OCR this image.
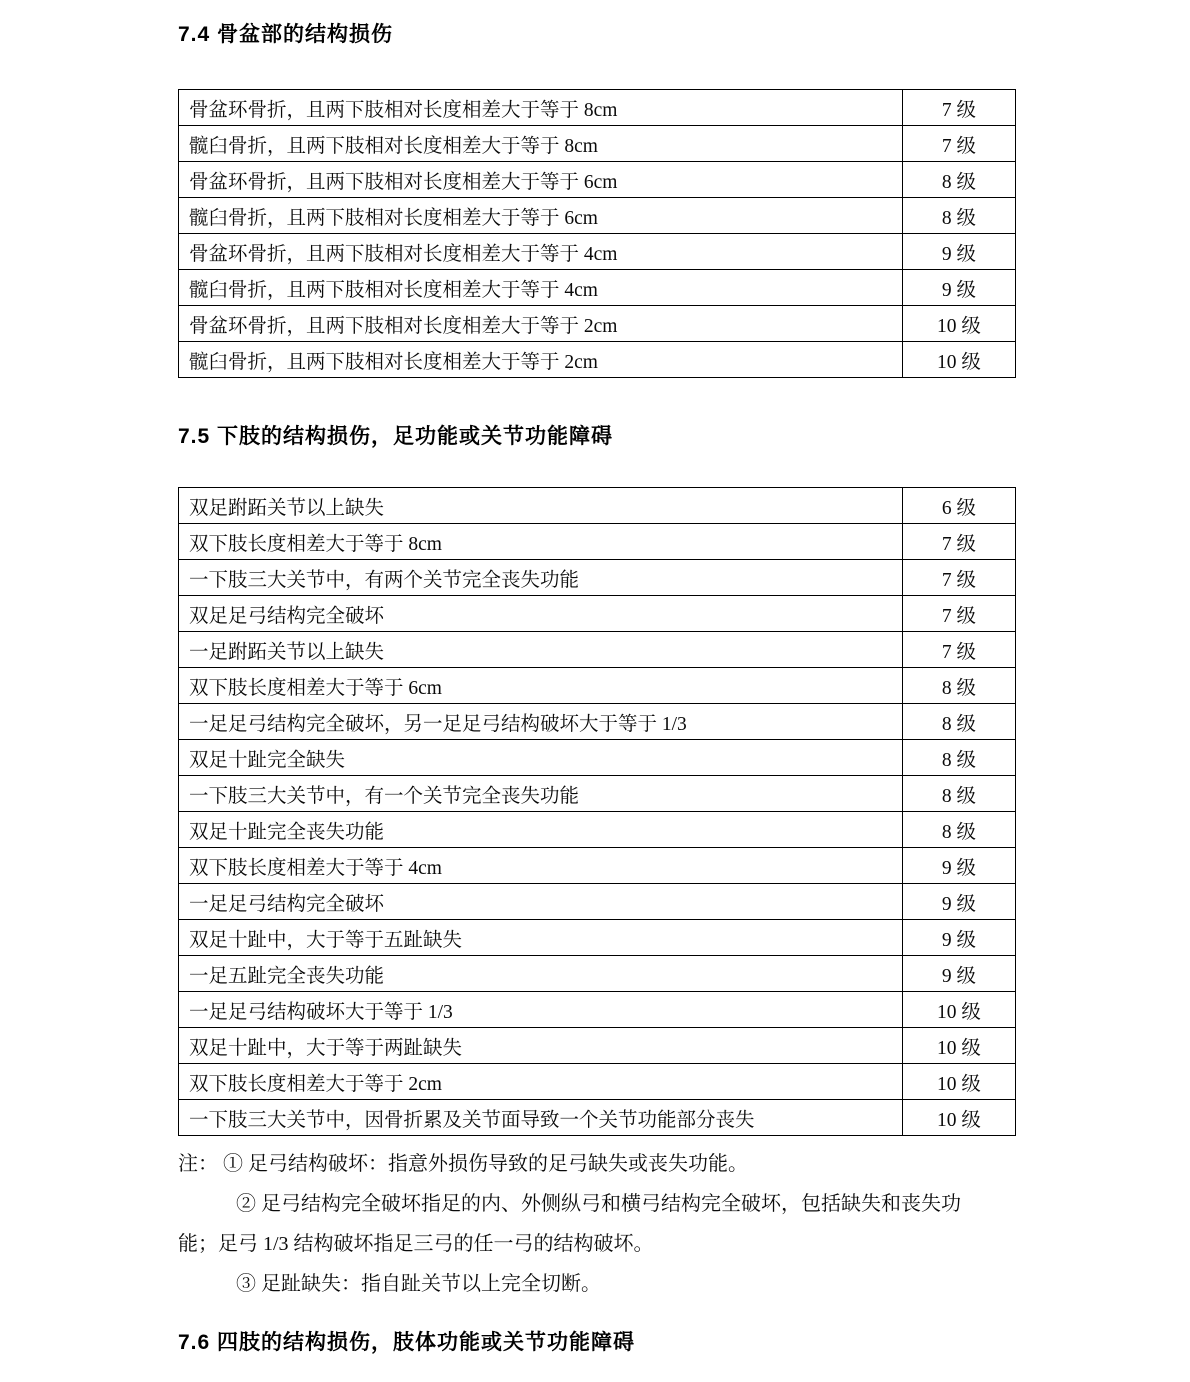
7.4 骨盆部的结构损伤
骨盆环骨折，且两下肢相对长度相差大于等于 8cm	7 级
髋臼骨折，且两下肢相对长度相差大于等于 8cm	7 级
骨盆环骨折，且两下肢相对长度相差大于等于 6cm	8 级
髋臼骨折，且两下肢相对长度相差大于等于 6cm	8 级
骨盆环骨折，且两下肢相对长度相差大于等于 4cm	9 级
髋臼骨折，且两下肢相对长度相差大于等于 4cm	9 级
骨盆环骨折，且两下肢相对长度相差大于等于 2cm	10 级
髋臼骨折，且两下肢相对长度相差大于等于 2cm	10 级
7.5 下肢的结构损伤，足功能或关节功能障碍
双足跗跖关节以上缺失	6 级
双下肢长度相差大于等于 8cm	7 级
一下肢三大关节中，有两个关节完全丧失功能	7 级
双足足弓结构完全破坏	7 级
一足跗跖关节以上缺失	7 级
双下肢长度相差大于等于 6cm	8 级
一足足弓结构完全破坏，另一足足弓结构破坏大于等于 1/3	8 级
双足十趾完全缺失	8 级
一下肢三大关节中，有一个关节完全丧失功能	8 级
双足十趾完全丧失功能	8 级
双下肢长度相差大于等于 4cm	9 级
一足足弓结构完全破坏	9 级
双足十趾中，大于等于五趾缺失	9 级
一足五趾完全丧失功能	9 级
一足足弓结构破坏大于等于 1/3	10 级
双足十趾中，大于等于两趾缺失	10 级
双下肢长度相差大于等于 2cm	10 级
一下肢三大关节中，因骨折累及关节面导致一个关节功能部分丧失	10 级
注： ① 足弓结构破坏：指意外损伤导致的足弓缺失或丧失功能。
② 足弓结构完全破坏指足的内、外侧纵弓和横弓结构完全破坏，包括缺失和丧失功
能；足弓 1/3 结构破坏指足三弓的任一弓的结构破坏。
③ 足趾缺失：指自趾关节以上完全切断。
7.6 四肢的结构损伤，肢体功能或关节功能障碍
